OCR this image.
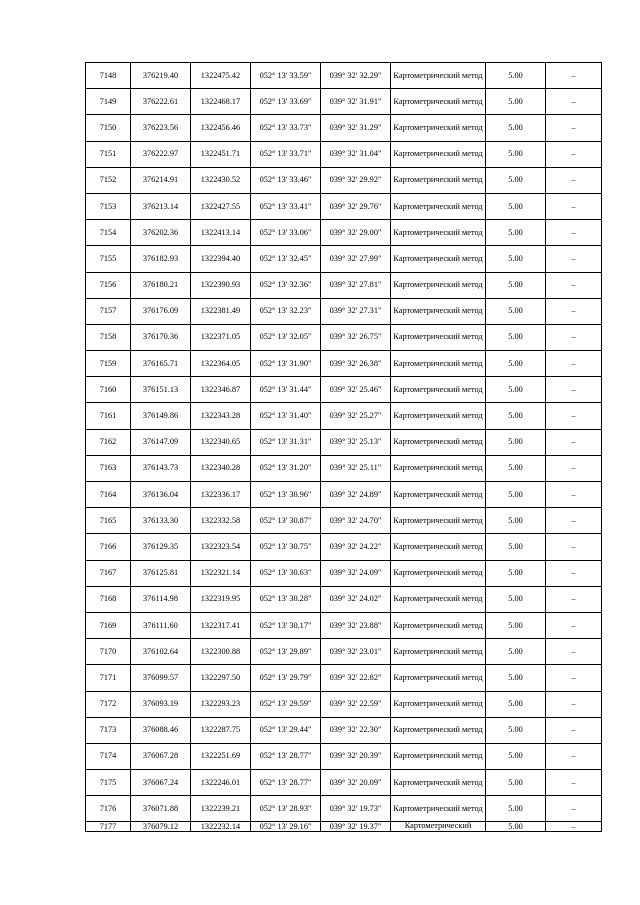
7148	376219.40	1322475.42	052° 13' 33.59"	039° 32' 32.29"	Картометрический метод	5.00	–
7149	376222.61	1322468.17	052° 13' 33.69"	039° 32' 31.91"	Картометрический метод	5.00	–
7150	376223.56	1322456.46	052° 13' 33.73"	039° 32' 31.29"	Картометрический метод	5.00	–
7151	376222.97	1322451.71	052° 13' 33.71"	039° 32' 31.04"	Картометрический метод	5.00	–
7152	376214.91	1322430.52	052° 13' 33.46"	039° 32' 29.92"	Картометрический метод	5.00	–
7153	376213.14	1322427.55	052° 13' 33.41"	039° 32' 29.76"	Картометрический метод	5.00	–
7154	376202.36	1322413.14	052° 13' 33.06"	039° 32' 29.00"	Картометрический метод	5.00	–
7155	376182.93	1322394.40	052° 13' 32.45"	039° 32' 27.99"	Картометрический метод	5.00	–
7156	376180.21	1322390.93	052° 13' 32.36"	039° 32' 27.81"	Картометрический метод	5.00	–
7157	376176.09	1322381.49	052° 13' 32.23"	039° 32' 27.31"	Картометрический метод	5.00	–
7158	376170.36	1322371.05	052° 13' 32.05"	039° 32' 26.75"	Картометрический метод	5.00	–
7159	376165.71	1322364.05	052° 13' 31.90"	039° 32' 26.38"	Картометрический метод	5.00	–
7160	376151.13	1322346.87	052° 13' 31.44"	039° 32' 25.46"	Картометрический метод	5.00	–
7161	376149.86	1322343.28	052° 13' 31.40"	039° 32' 25.27"	Картометрический метод	5.00	–
7162	376147.09	1322340.65	052° 13' 31.31"	039° 32' 25.13"	Картометрический метод	5.00	–
7163	376143.73	1322340.28	052° 13' 31.20"	039° 32' 25.11"	Картометрический метод	5.00	–
7164	376136.04	1322336.17	052° 13' 30.96"	039° 32' 24.89"	Картометрический метод	5.00	–
7165	376133.30	1322332.58	052° 13' 30.87"	039° 32' 24.70"	Картометрический метод	5.00	–
7166	376129.35	1322323.54	052° 13' 30.75"	039° 32' 24.22"	Картометрический метод	5.00	–
7167	376125.81	1322321.14	052° 13' 30.63"	039° 32' 24.09"	Картометрический метод	5.00	–
7168	376114.98	1322319.95	052° 13' 30.28"	039° 32' 24.02"	Картометрический метод	5.00	–
7169	376111.60	1322317.41	052° 13' 30.17"	039° 32' 23.88"	Картометрический метод	5.00	–
7170	376102.64	1322300.88	052° 13' 29.89"	039° 32' 23.01"	Картометрический метод	5.00	–
7171	376099.57	1322297.50	052° 13' 29.79"	039° 32' 22.82"	Картометрический метод	5.00	–
7172	376093.19	1322293.23	052° 13' 29.59"	039° 32' 22.59"	Картометрический метод	5.00	–
7173	376088.46	1322287.75	052° 13' 29.44"	039° 32' 22.30"	Картометрический метод	5.00	–
7174	376067.28	1322251.69	052° 13' 28.77"	039° 32' 20.39"	Картометрический метод	5.00	–
7175	376067.24	1322246.01	052° 13' 28.77"	039° 32' 20.09"	Картометрический метод	5.00	–
7176	376071.88	1322239.21	052° 13' 28.93"	039° 32' 19.73"	Картометрический метод	5.00	–
7177	376079.12	1322232.14	052° 13' 29.16"	039° 32' 19.37"	Картометрический	5.00	–
